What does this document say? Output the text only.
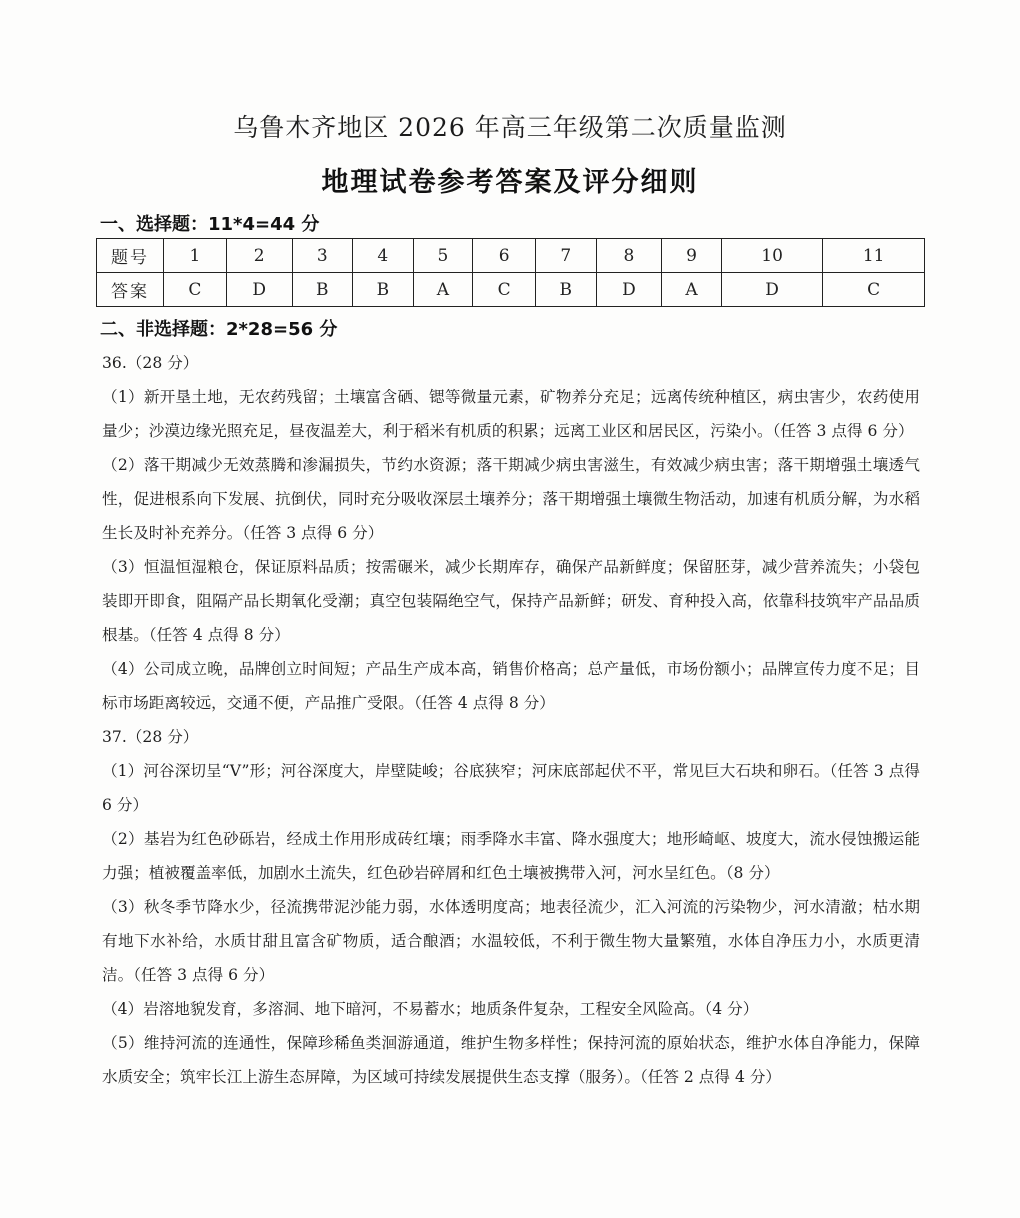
乌鲁木齐地区 2026 年高三年级第二次质量监测
地理试卷参考答案及评分细则
一、选择题：11*4=44 分
题号	1	2	3	4	5	6	7	8	9	10	11
答案	C	D	B	B	A	C	B	D	A	D	C
二、非选择题：2*28=56 分

36.（28 分）

（1）新开垦土地，无农药残留；土壤富含硒、锶等微量元素，矿物养分充足；远离传统种植区，病虫害少，农药使用量少；沙漠边缘光照充足，昼夜温差大，利于稻米有机质的积累；远离工业区和居民区，污染小。（任答 3 点得 6 分）

（2）落干期减少无效蒸腾和渗漏损失，节约水资源；落干期减少病虫害滋生，有效减少病虫害；落干期增强土壤透气性，促进根系向下发展、抗倒伏，同时充分吸收深层土壤养分；落干期增强土壤微生物活动，加速有机质分解，为水稻生长及时补充养分。（任答 3 点得 6 分）

（3）恒温恒湿粮仓，保证原料品质；按需碾米，减少长期库存，确保产品新鲜度；保留胚芽，减少营养流失；小袋包装即开即食，阻隔产品长期氧化受潮；真空包装隔绝空气，保持产品新鲜；研发、育种投入高，依靠科技筑牢产品品质根基。（任答 4 点得 8 分）

（4）公司成立晚，品牌创立时间短；产品生产成本高，销售价格高；总产量低，市场份额小；品牌宣传力度不足；目标市场距离较远，交通不便，产品推广受限。（任答 4 点得 8 分）

37.（28 分）

（1）河谷深切呈“V”形；河谷深度大，岸壁陡峻；谷底狭窄；河床底部起伏不平，常见巨大石块和卵石。（任答 3 点得 6 分）

（2）基岩为红色砂砾岩，经成土作用形成砖红壤；雨季降水丰富、降水强度大；地形崎岖、坡度大，流水侵蚀搬运能力强；植被覆盖率低，加剧水土流失，红色砂岩碎屑和红色土壤被携带入河，河水呈红色。（8 分）

（3）秋冬季节降水少，径流携带泥沙能力弱，水体透明度高；地表径流少，汇入河流的污染物少，河水清澈；枯水期有地下水补给，水质甘甜且富含矿物质，适合酿酒；水温较低，不利于微生物大量繁殖，水体自净压力小，水质更清洁。（任答 3 点得 6 分）

（4）岩溶地貌发育，多溶洞、地下暗河，不易蓄水；地质条件复杂，工程安全风险高。（4 分）

（5）维持河流的连通性，保障珍稀鱼类洄游通道，维护生物多样性；保持河流的原始状态，维护水体自净能力，保障水质安全；筑牢长江上游生态屏障，为区域可持续发展提供生态支撑（服务）。（任答 2 点得 4 分）
